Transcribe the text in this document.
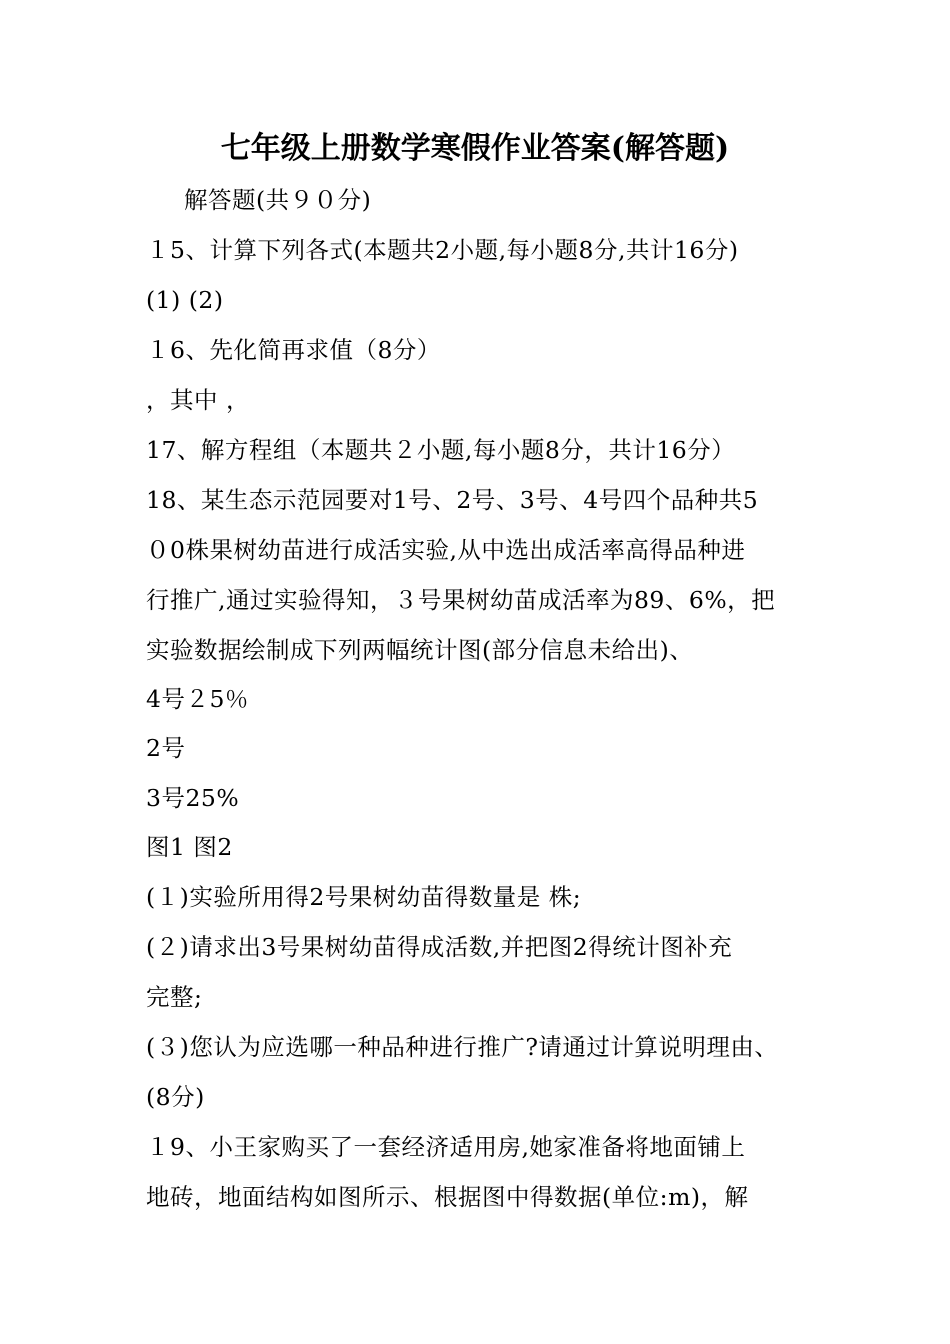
七年级上册数学寒假作业答案(解答题)
解答题(共９０分)
１5、计算下列各式(本题共2小题,每小题8分,共计16分)
(1) (2)
１6、先化简再求值（8分）
，其中 ，
17、解方程组（本题共２小题,每小题8分，共计16分）
18、某生态示范园要对1号、2号、3号、4号四个品种共5
０0株果树幼苗进行成活实验,从中选出成活率高得品种进
行推广,通过实验得知，３号果树幼苗成活率为89、6%，把
实验数据绘制成下列两幅统计图(部分信息未给出)、
4号２5％
2号
3号25%
图1 图2
(１)实验所用得2号果树幼苗得数量是 株;
(２)请求出3号果树幼苗得成活数,并把图2得统计图补充
完整;
(３)您认为应选哪一种品种进行推广?请通过计算说明理由、
(8分)
１9、小王家购买了一套经济适用房,她家准备将地面铺上
地砖，地面结构如图所示、根据图中得数据(单位:m)，解
